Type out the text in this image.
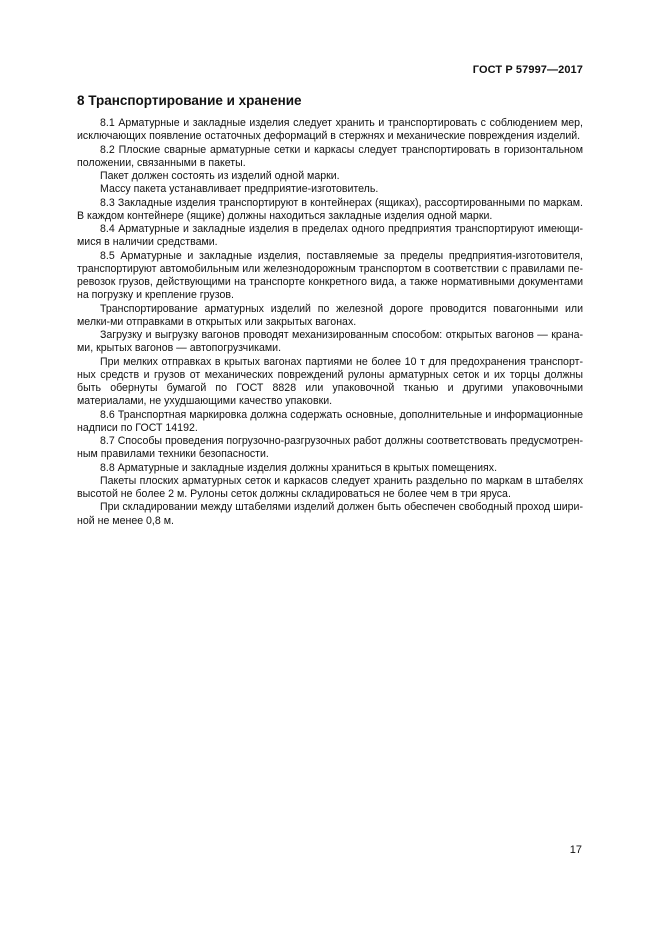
ГОСТ Р 57997—2017
8 Транспортирование и хранение

8.1 Арматурные и закладные изделия следует хранить и транспортировать с соблюдением мер, исключающих появление остаточных деформаций в стержнях и механические повреждения изделий.

8.2 Плоские сварные арматурные сетки и каркасы следует транспортировать в горизонтальном положении, связанными в пакеты.

Пакет должен состоять из изделий одной марки.

Массу пакета устанавливает предприятие-изготовитель.

8.3 Закладные изделия транспортируют в контейнерах (ящиках), рассортированными по маркам. В каждом контейнере (ящике) должны находиться закладные изделия одной марки.

8.4 Арматурные и закладные изделия в пределах одного предприятия транспортируют имеющи-мися в наличии средствами.

8.5 Арматурные и закладные изделия, поставляемые за пределы предприятия-изготовителя, транспортируют автомобильным или железнодорожным транспортом в соответствии с правилами пе-ревозок грузов, действующими на транспорте конкретного вида, а также нормативными документами на погрузку и крепление грузов.

Транспортирование арматурных изделий по железной дороге проводится повагонными или мелки-ми отправками в открытых или закрытых вагонах.

Загрузку и выгрузку вагонов проводят механизированным способом: открытых вагонов — крана-ми, крытых вагонов — автопогрузчиками.

При мелких отправках в крытых вагонах партиями не более 10 т для предохранения транспорт-ных средств и грузов от механических повреждений рулоны арматурных сеток и их торцы должны быть обернуты бумагой по ГОСТ 8828 или упаковочной тканью и другими упаковочными материалами, не ухудшающими качество упаковки.

8.6 Транспортная маркировка должна содержать основные, дополнительные и информационные надписи по ГОСТ 14192.

8.7 Способы проведения погрузочно-разгрузочных работ должны соответствовать предусмотрен-ным правилами техники безопасности.

8.8 Арматурные и закладные изделия должны храниться в крытых помещениях.

Пакеты плоских арматурных сеток и каркасов следует хранить раздельно по маркам в штабелях высотой не более 2 м. Рулоны сеток должны складироваться не более чем в три яруса.

При складировании между штабелями изделий должен быть обеспечен свободный проход шири-ной не менее 0,8 м.

17
